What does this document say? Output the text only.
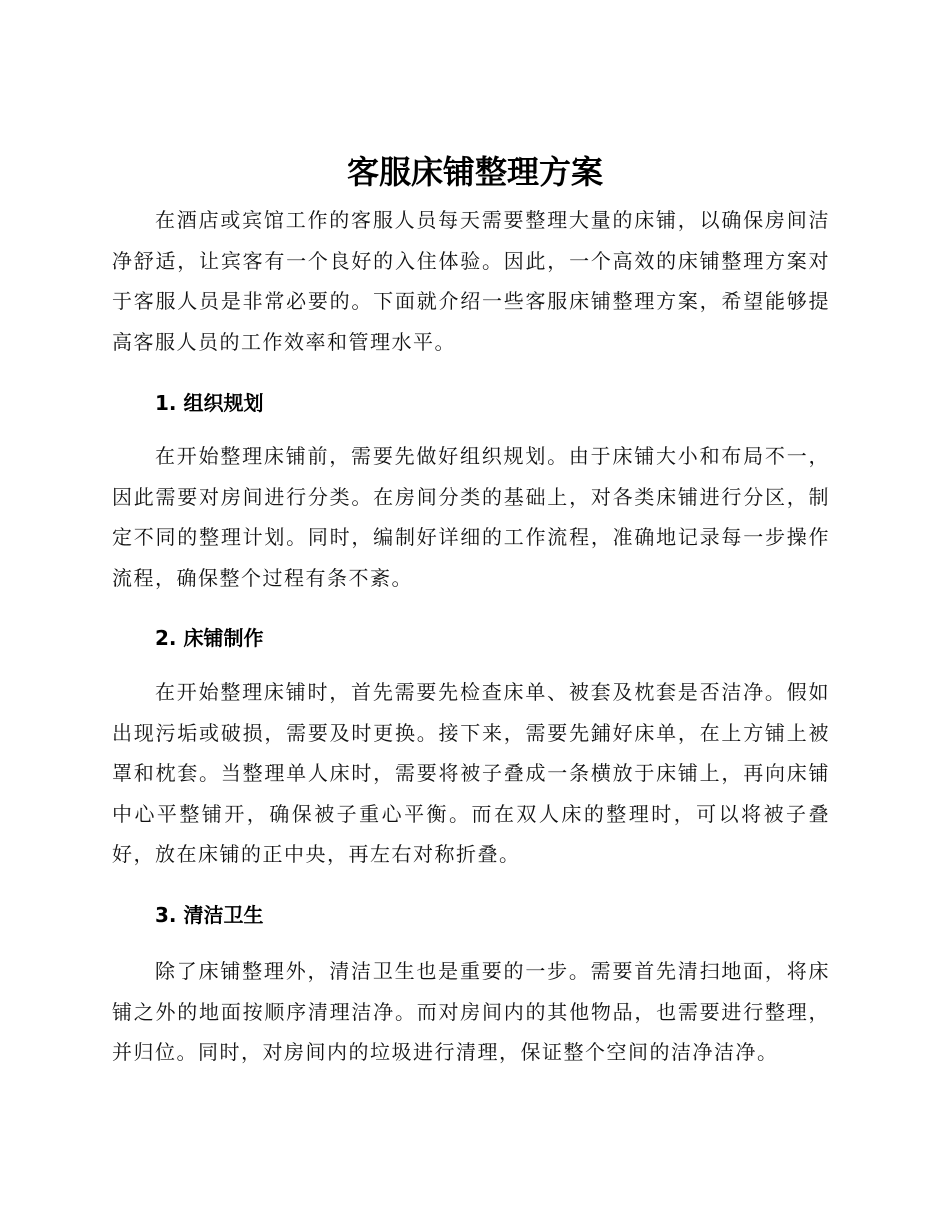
客服床铺整理方案

在酒店或宾馆工作的客服人员每天需要整理大量的床铺，以确保房间洁净舒适，让宾客有一个良好的入住体验。因此，一个高效的床铺整理方案对于客服人员是非常必要的。下面就介绍一些客服床铺整理方案，希望能够提高客服人员的工作效率和管理水平。

1. 组织规划

在开始整理床铺前，需要先做好组织规划。由于床铺大小和布局不一，因此需要对房间进行分类。在房间分类的基础上，对各类床铺进行分区，制定不同的整理计划。同时，编制好详细的工作流程，准确地记录每一步操作流程，确保整个过程有条不紊。

2. 床铺制作

在开始整理床铺时，首先需要先检查床单、被套及枕套是否洁净。假如出现污垢或破损，需要及时更换。接下来，需要先鋪好床单，在上方铺上被罩和枕套。当整理单人床时，需要将被子叠成一条横放于床铺上，再向床铺中心平整铺开，确保被子重心平衡。而在双人床的整理时，可以将被子叠好，放在床铺的正中央，再左右对称折叠。

3. 清洁卫生

除了床铺整理外，清洁卫生也是重要的一步。需要首先清扫地面，将床铺之外的地面按顺序清理洁净。而对房间内的其他物品，也需要进行整理，并归位。同时，对房间内的垃圾进行清理，保证整个空间的洁净洁净。
